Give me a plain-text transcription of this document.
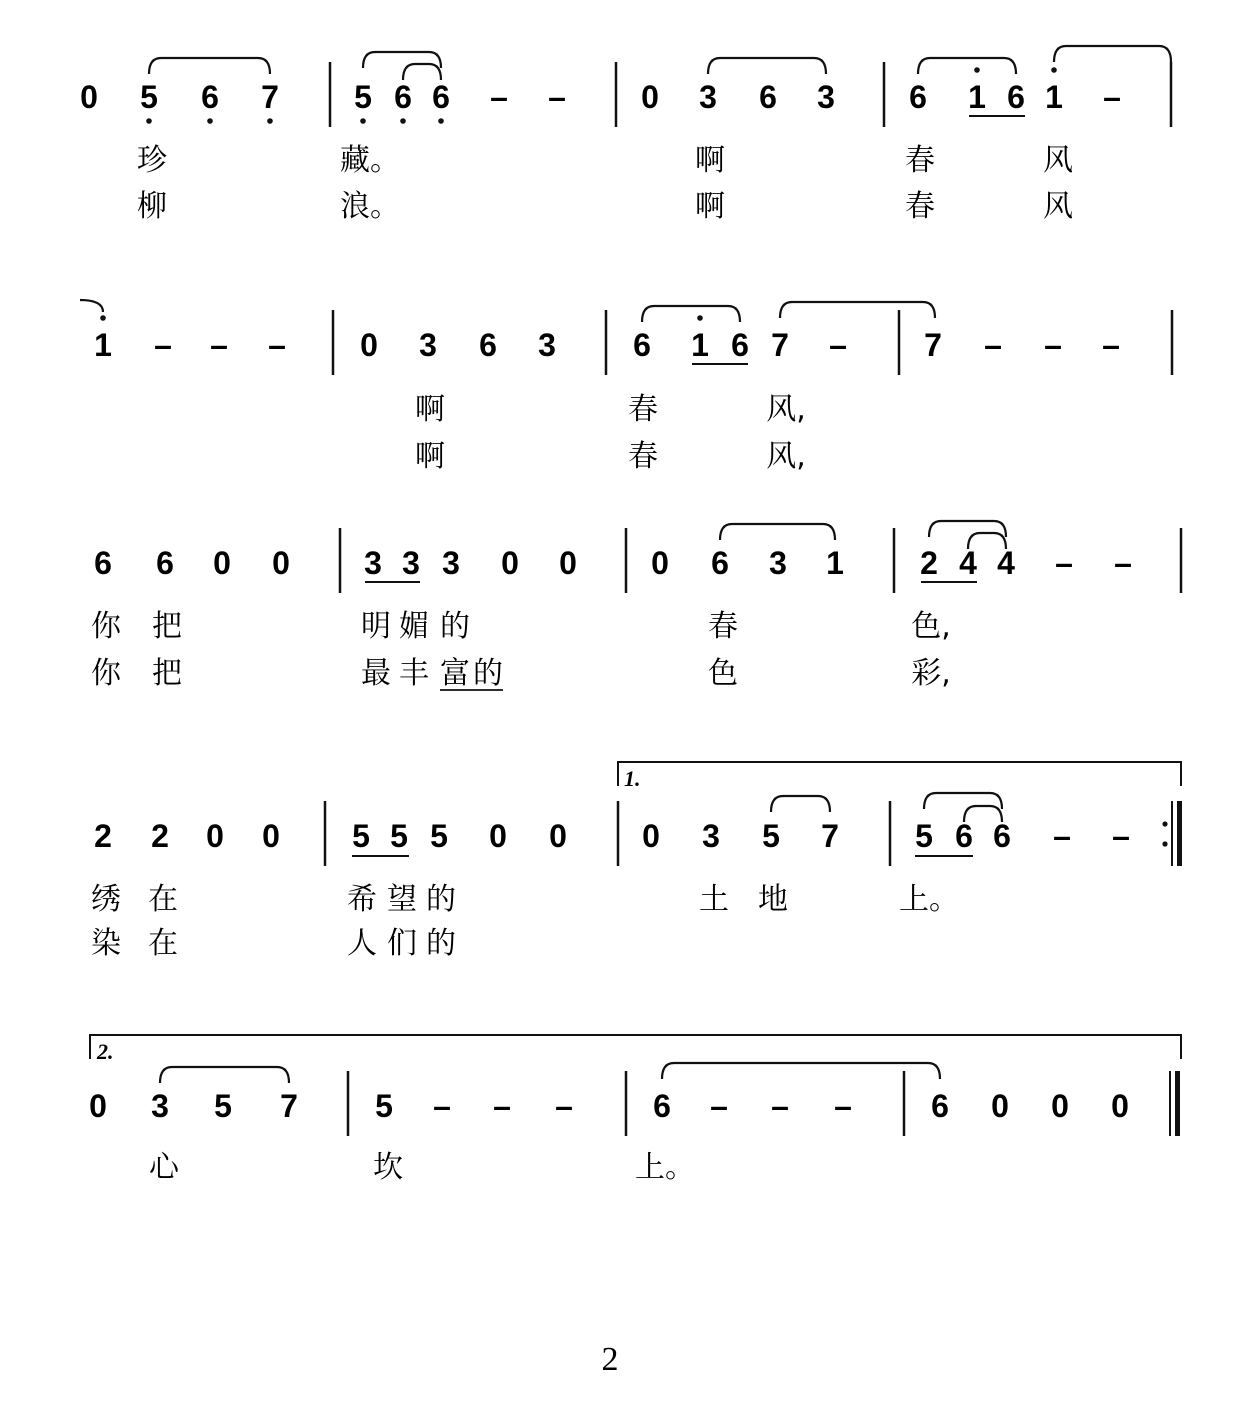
1.
2.
0 5 6 7 5 6 6 – – 0 3 6 3 6 1 6 1 –
1 – – – 0 3 6 3 6 1 6 7 – 7 – – –
6 6 0 0 3 3 3 0 0 0 6 3 1 2 4 4 – –
2 2 0 0 5 5 5 0 0 0 3 5 7 5 6 6 – –
0 3 5 7 5 – – –	6 – – – 6 0 0 0
珍	藏。	啊	春	风
柳	浪。	啊	春	风
啊	春	风,
啊	春	风,
你 把	明 媚 的	春	色,
你 把	最 丰 富 的	色	彩,
绣 在	希 望 的	土 地	上。
染 在	人 们 的
心	坎	上。
2
